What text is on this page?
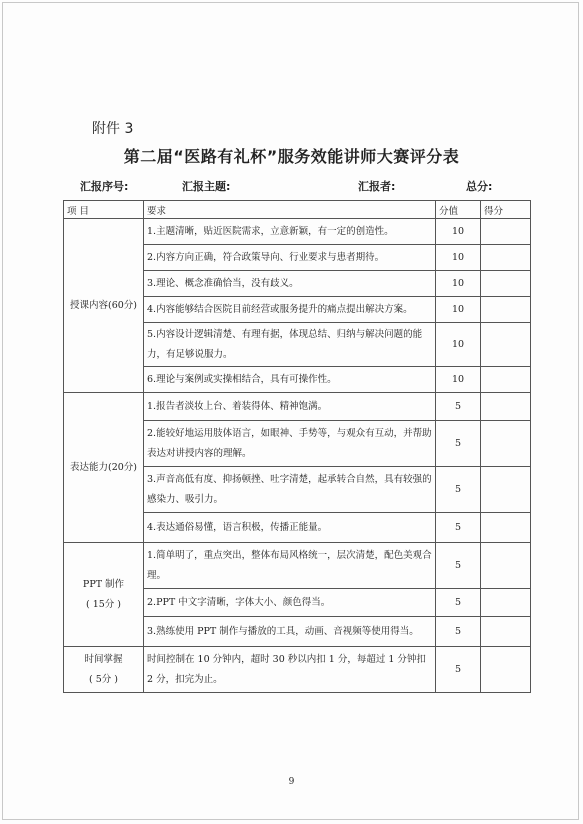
附件 3
第二届“医路有礼杯”服务效能讲师大赛评分表
汇报序号:	汇报主题:	汇报者:	总分:
项 目	要求	分值	得分
授课内容(60分)	1.主题清晰，贴近医院需求，立意新颖，有一定的创造性。	10	
	2.内容方向正确，符合政策导向、行业要求与患者期待。	10	
	3.理论、概念准确恰当，没有歧义。	10	
	4.内容能够结合医院目前经营或服务提升的痛点提出解决方案。	10	
	5.内容设计逻辑清楚、有理有据，体现总结、归纳与解决问题的能力，有足够说服力。	10	
	6.理论与案例或实操相结合，具有可操作性。	10	
表达能力(20分)	1.报告者淡妆上台、着装得体、精神饱满。	5	
	2.能较好地运用肢体语言，如眼神、手势等，与观众有互动，并帮助表达对讲授内容的理解。	5	
	3.声音高低有度、抑扬顿挫、吐字清楚，起承转合自然，具有较强的感染力、吸引力。	5	
	4.表达通俗易懂，语言积极，传播正能量。	5	

PPT 制作
( 15分 )	1.简单明了，重点突出，整体布局风格统一，层次清楚，配色美观合理。	5	
	2.PPT 中文字清晰，字体大小、颜色得当。	5	
	3.熟练使用 PPT 制作与播放的工具，动画、音视频等使用得当。	5	

时间掌握
( 5分 )	时间控制在 10 分钟内，超时 30 秒以内扣 1 分，每超过 1 分钟扣 2 分，扣完为止。	5	
9
